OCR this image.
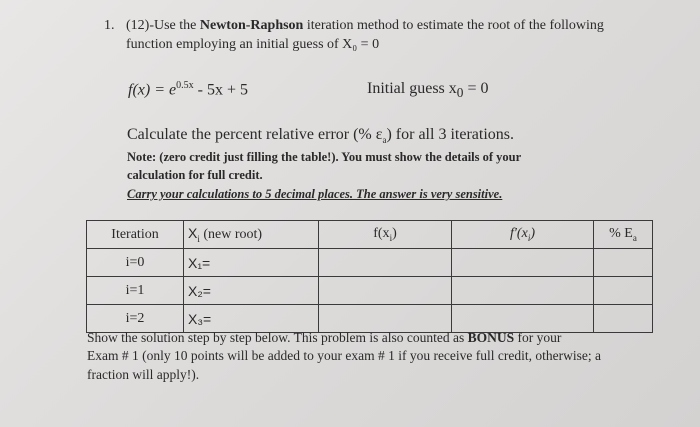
1. (12)-Use the Newton-Raphson iteration method to estimate the root of the following
function employing an initial guess of X₀ = 0
$f(x) = e^{0.5x} - 5x + 5$	Initial guess $x_0 = 0$
Calculate the percent relative error (% $\varepsilon_a$) for all 3 iterations.
Note: (zero credit just filling the table!). You must show the details of your
calculation for full credit.
Carry your calculations to 5 decimal places. The answer is very sensitive.
Iteration	$X_i$ (new root)	$f(x_i)$	$f'(x_i)$	% $E_a$
i=0	X₁=			
i=1	X₂=			
i=2	X₃=			
Show the solution step by step below. This problem is also counted as BONUS for your
Exam # 1 (only 10 points will be added to your exam # 1 if you receive full credit, otherwise; a
fraction will apply!).
